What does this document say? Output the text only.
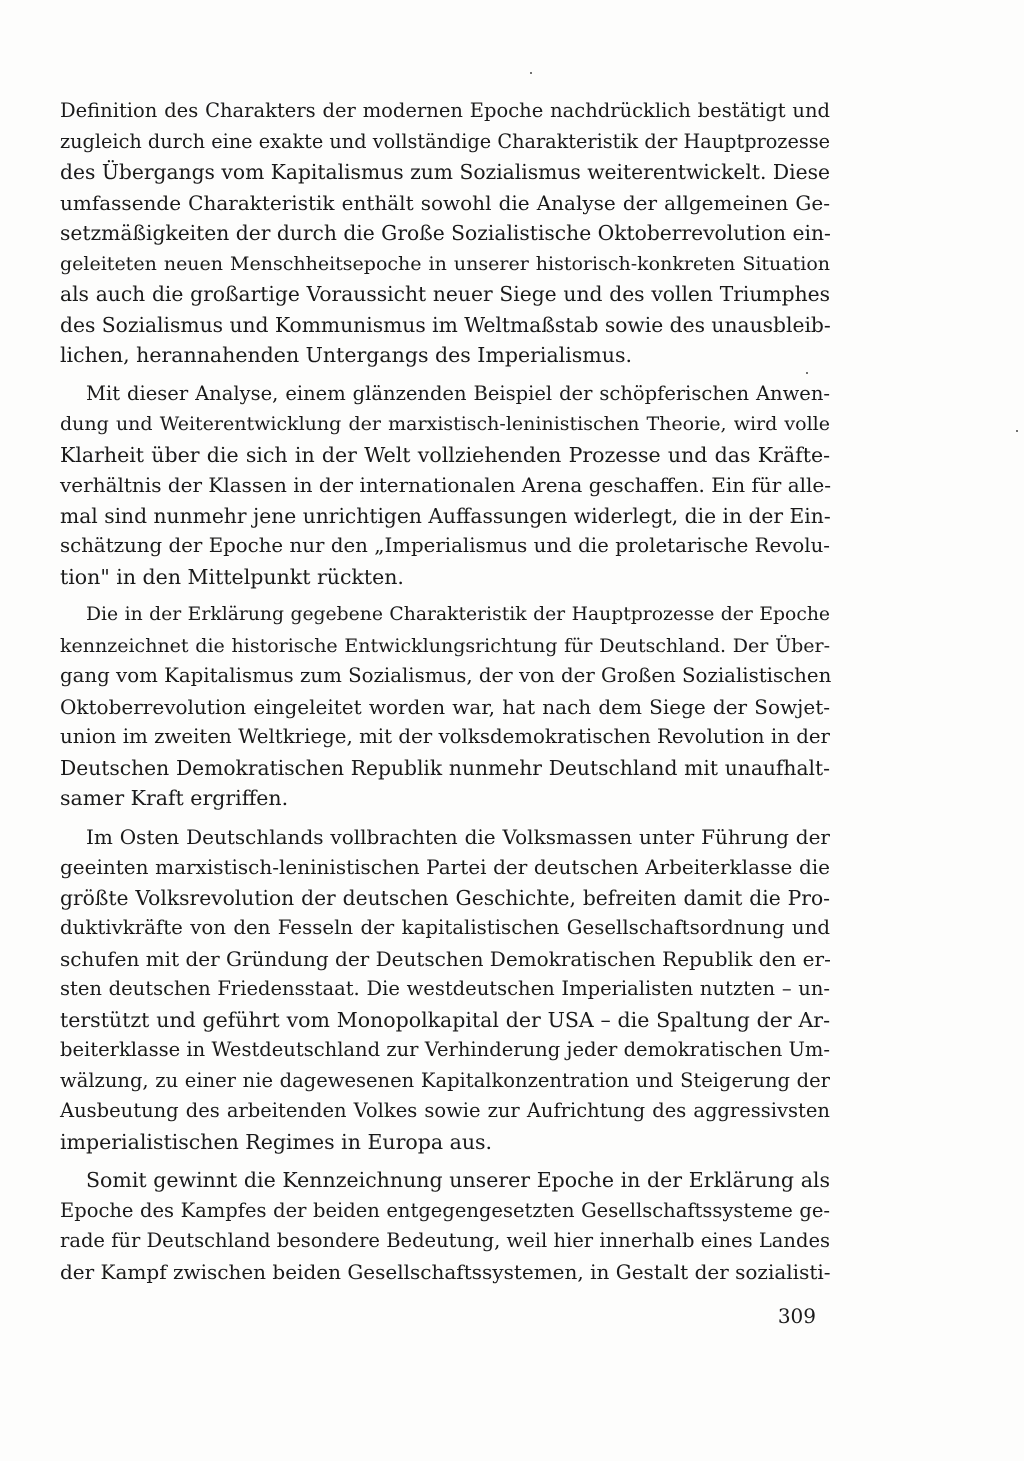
Definition des Charakters der modernen Epoche nachdrücklich bestätigt und
zugleich durch eine exakte und vollständige Charakteristik der Hauptprozesse
des Übergangs vom Kapitalismus zum Sozialismus weiterentwickelt. Diese
umfassende Charakteristik enthält sowohl die Analyse der allgemeinen Ge-
setzmäßigkeiten der durch die Große Sozialistische Oktoberrevolution ein-
geleiteten neuen Menschheitsepoche in unserer historisch-konkreten Situation
als auch die großartige Voraussicht neuer Siege und des vollen Triumphes
des Sozialismus und Kommunismus im Weltmaßstab sowie des unausbleib-
lichen, herannahenden Untergangs des Imperialismus.
Mit dieser Analyse, einem glänzenden Beispiel der schöpferischen Anwen-
dung und Weiterentwicklung der marxistisch-leninistischen Theorie, wird volle
Klarheit über die sich in der Welt vollziehenden Prozesse und das Kräfte-
verhältnis der Klassen in der internationalen Arena geschaffen. Ein für alle-
mal sind nunmehr jene unrichtigen Auffassungen widerlegt, die in der Ein-
schätzung der Epoche nur den „Imperialismus und die proletarische Revolu-
tion" in den Mittelpunkt rückten.
Die in der Erklärung gegebene Charakteristik der Hauptprozesse der Epoche
kennzeichnet die historische Entwicklungsrichtung für Deutschland. Der Über-
gang vom Kapitalismus zum Sozialismus, der von der Großen Sozialistischen
Oktoberrevolution eingeleitet worden war, hat nach dem Siege der Sowjet-
union im zweiten Weltkriege, mit der volksdemokratischen Revolution in der
Deutschen Demokratischen Republik nunmehr Deutschland mit unaufhalt-
samer Kraft ergriffen.
Im Osten Deutschlands vollbrachten die Volksmassen unter Führung der
geeinten marxistisch-leninistischen Partei der deutschen Arbeiterklasse die
größte Volksrevolution der deutschen Geschichte, befreiten damit die Pro-
duktivkräfte von den Fesseln der kapitalistischen Gesellschaftsordnung und
schufen mit der Gründung der Deutschen Demokratischen Republik den er-
sten deutschen Friedensstaat. Die westdeutschen Imperialisten nutzten – un-
terstützt und geführt vom Monopolkapital der USA – die Spaltung der Ar-
beiterklasse in Westdeutschland zur Verhinderung jeder demokratischen Um-
wälzung, zu einer nie dagewesenen Kapitalkonzentration und Steigerung der
Ausbeutung des arbeitenden Volkes sowie zur Aufrichtung des aggressivsten
imperialistischen Regimes in Europa aus.
Somit gewinnt die Kennzeichnung unserer Epoche in der Erklärung als
Epoche des Kampfes der beiden entgegengesetzten Gesellschaftssysteme ge-
rade für Deutschland besondere Bedeutung, weil hier innerhalb eines Landes
der Kampf zwischen beiden Gesellschaftssystemen, in Gestalt der sozialisti-
309
